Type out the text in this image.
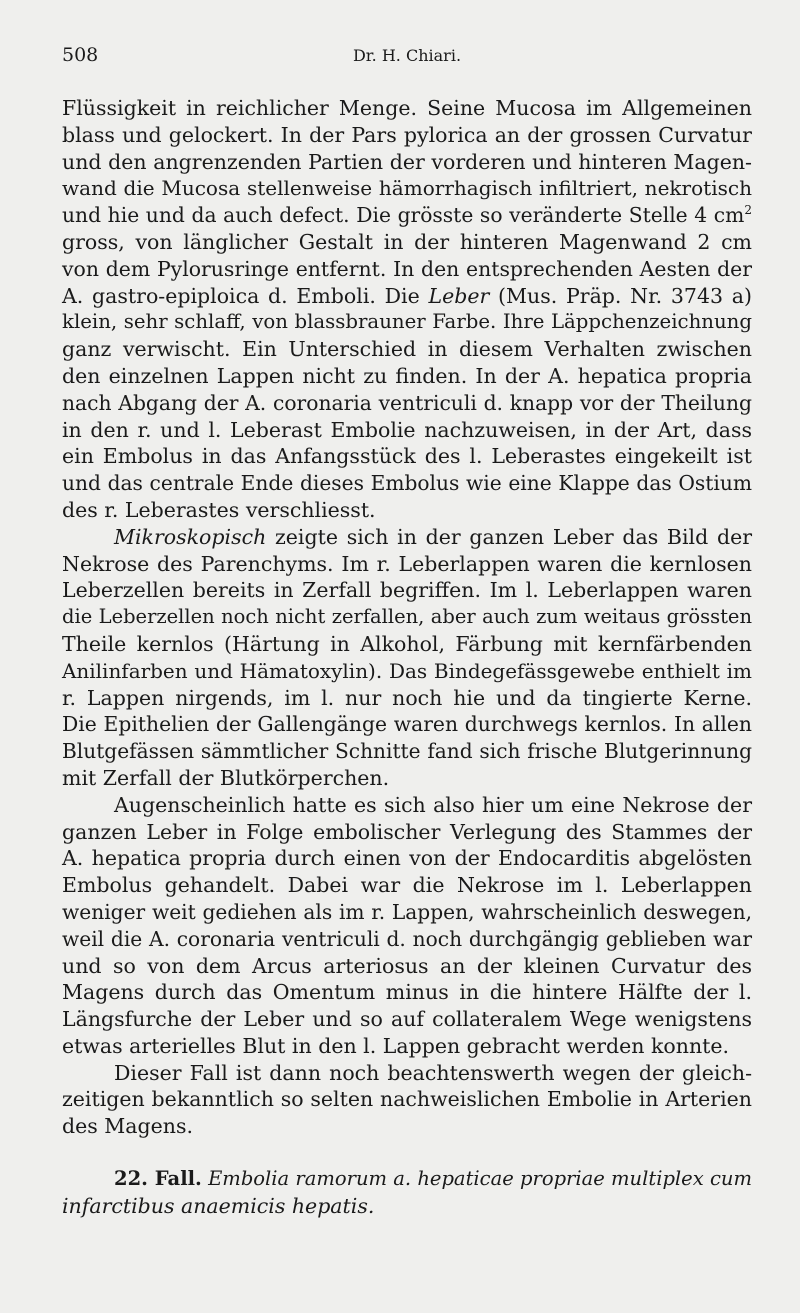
508	Dr. H. Chiari.
Flüssigkeit in reichlicher Menge. Seine Mucosa im Allgemeinen
blass und gelockert. In der Pars pylorica an der grossen Curvatur
und den angrenzenden Partien der vorderen und hinteren Magen-
wand die Mucosa stellenweise hämorrhagisch infiltriert, nekrotisch
und hie und da auch defect. Die grösste so veränderte Stelle 4 $cm^2$
gross, von länglicher Gestalt in der hinteren Magenwand 2 cm
von dem Pylorusringe entfernt. In den entsprechenden Aesten der
A. gastro-epiploica d. Emboli. Die Leber (Mus. Präp. Nr. 3743 a)
klein, sehr schlaff, von blassbrauner Farbe. Ihre Läppchenzeichnung
ganz verwischt. Ein Unterschied in diesem Verhalten zwischen
den einzelnen Lappen nicht zu finden. In der A. hepatica propria
nach Abgang der A. coronaria ventriculi d. knapp vor der Theilung
in den r. und l. Leberast Embolie nachzuweisen, in der Art, dass
ein Embolus in das Anfangsstück des l. Leberastes eingekeilt ist
und das centrale Ende dieses Embolus wie eine Klappe das Ostium
des r. Leberastes verschliesst.
Mikroskopisch zeigte sich in der ganzen Leber das Bild der
Nekrose des Parenchyms. Im r. Leberlappen waren die kernlosen
Leberzellen bereits in Zerfall begriffen. Im l. Leberlappen waren
die Leberzellen noch nicht zerfallen, aber auch zum weitaus grössten
Theile kernlos (Härtung in Alkohol, Färbung mit kernfärbenden
Anilinfarben und Hämatoxylin). Das Bindegefässgewebe enthielt im
r. Lappen nirgends, im l. nur noch hie und da tingierte Kerne.
Die Epithelien der Gallengänge waren durchwegs kernlos. In allen
Blutgefässen sämmtlicher Schnitte fand sich frische Blutgerinnung
mit Zerfall der Blutkörperchen.
Augenscheinlich hatte es sich also hier um eine Nekrose der
ganzen Leber in Folge embolischer Verlegung des Stammes der
A. hepatica propria durch einen von der Endocarditis abgelösten
Embolus gehandelt. Dabei war die Nekrose im l. Leberlappen
weniger weit gediehen als im r. Lappen, wahrscheinlich deswegen,
weil die A. coronaria ventriculi d. noch durchgängig geblieben war
und so von dem Arcus arteriosus an der kleinen Curvatur des
Magens durch das Omentum minus in die hintere Hälfte der l.
Längsfurche der Leber und so auf collateralem Wege wenigstens
etwas arterielles Blut in den l. Lappen gebracht werden konnte.
Dieser Fall ist dann noch beachtenswerth wegen der gleich-
zeitigen bekanntlich so selten nachweislichen Embolie in Arterien
des Magens.
22. Fall. Embolia ramorum a. hepaticae propriae multiplex cum
infarctibus anaemicis hepatis.
